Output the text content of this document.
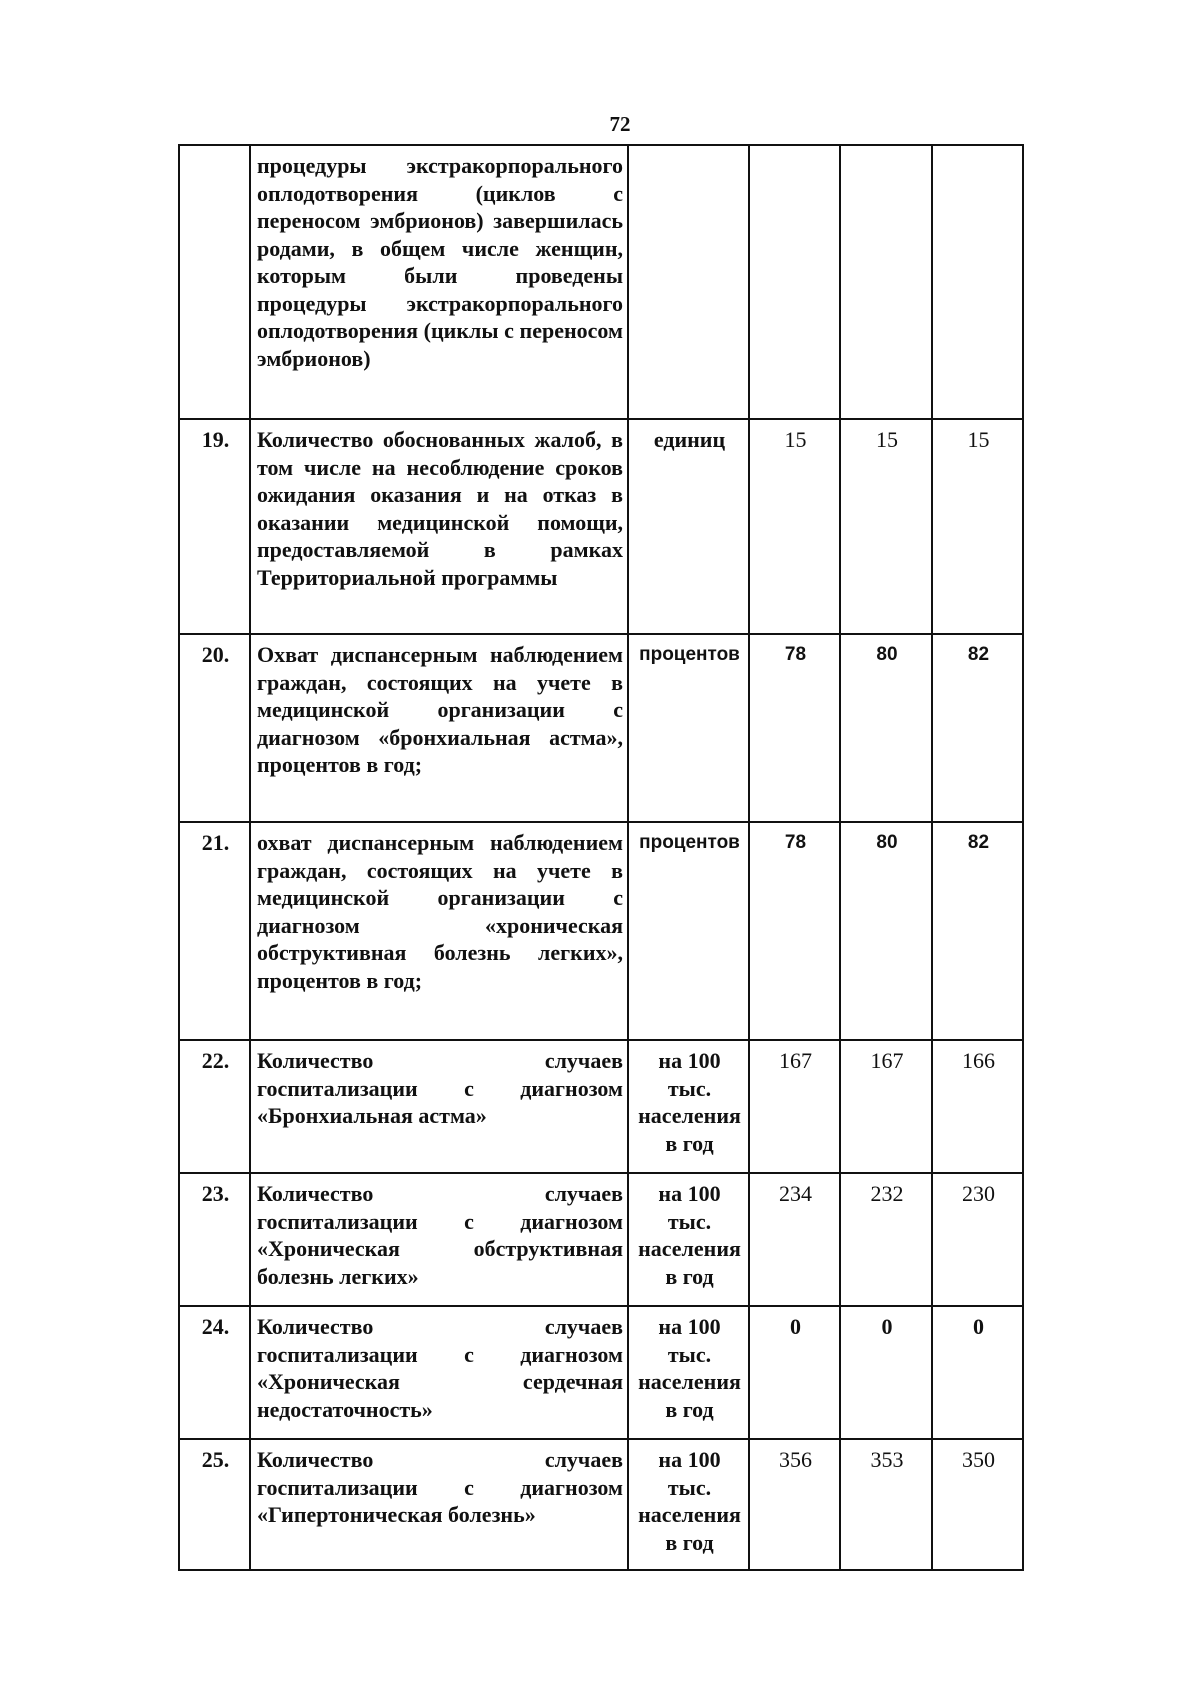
72
	процедуры экстракорпорального оплодотворения (циклов с переносом эмбрионов) завершилась родами, в общем числе женщин, которым были проведены процедуры экстракорпорального оплодотворения (циклы с переносом эмбрионов)				
19.	Количество обоснованных жалоб, в том числе на несоблюдение сроков ожидания оказания и на отказ в оказании медицинской помощи, предоставляемой в рамках Территориальной программы	единиц	15	15	15
20.	Охват диспансерным наблюдением граждан, состоящих на учете в медицинской организации с диагнозом «бронхиальная астма», процентов в год;	процентов	78	80	82
21.	охват диспансерным наблюдением граждан, состоящих на учете в медицинской организации с диагнозом «хроническая обструктивная болезнь легких», процентов в год;	процентов	78	80	82
22.	Количество случаев госпитализации с диагнозом «Бронхиальная астма»	на 100 тыс. населения в год	167	167	166
23.	Количество случаев госпитализации с диагнозом «Хроническая обструктивная болезнь легких»	на 100 тыс. населения в год	234	232	230
24.	Количество случаев госпитализации с диагнозом «Хроническая сердечная недостаточность»	на 100 тыс. населения в год	0	0	0
25.	Количество случаев госпитализации с диагнозом «Гипертоническая болезнь»	на 100 тыс. населения в год	356	353	350
